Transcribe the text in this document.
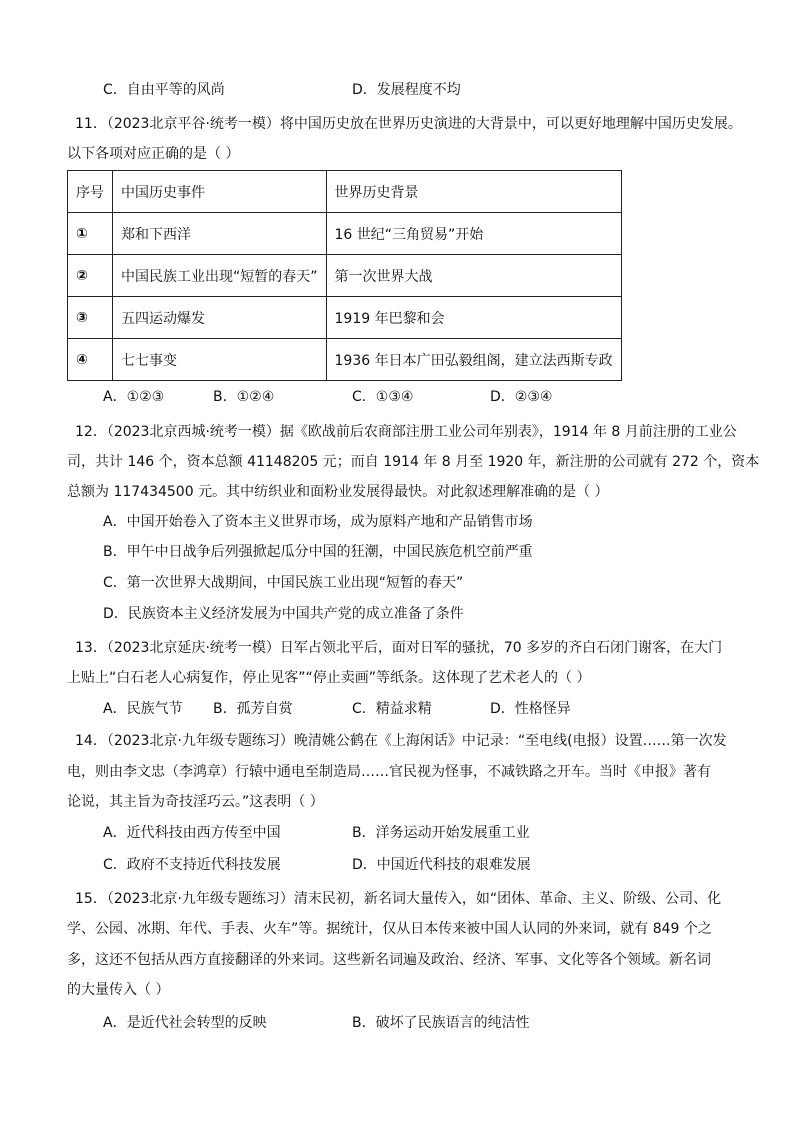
C．自由平等的风尚	D．发展程度不均
11．（2023北京平谷·统考一模）将中国历史放在世界历史演进的大背景中，可以更好地理解中国历史发展。
以下各项对应正确的是（ ）
序号	中国历史事件	世界历史背景
①	郑和下西洋	16 世纪“三角贸易”开始
②	中国民族工业出现“短暂的春天”	第一次世界大战
③	五四运动爆发	1919 年巴黎和会
④	七七事变	1936 年日本广田弘毅组阁，建立法西斯专政
A．①②③	B．①②④	C．①③④	D．②③④
12．（2023北京西城·统考一模）据《欧战前后农商部注册工业公司年别表》，1914 年 8 月前注册的工业公
司，共计 146 个，资本总额 41148205 元；而自 1914 年 8 月至 1920 年，新注册的公司就有 272 个，资本
总额为 117434500 元。其中纺织业和面粉业发展得最快。对此叙述理解准确的是（ ）
A．中国开始卷入了资本主义世界市场，成为原料产地和产品销售市场
B．甲午中日战争后列强掀起瓜分中国的狂潮，中国民族危机空前严重
C．第一次世界大战期间，中国民族工业出现“短暂的春天”
D．民族资本主义经济发展为中国共产党的成立准备了条件
13．（2023北京延庆·统考一模）日军占领北平后，面对日军的骚扰，70 多岁的齐白石闭门谢客，在大门
上贴上“白石老人心病复作，停止见客”“停止卖画”等纸条。这体现了艺术老人的（ ）
A．民族气节 B．孤芳自赏	C．精益求精	D．性格怪异
14．（2023北京·九年级专题练习）晚清姚公鹤在《上海闲话》中记录：“至电线(电报）设置……第一次发
电，则由李文忠（李鸿章）行辕中通电至制造局……官民视为怪事，不减铁路之开车。当时《申报》著有
论说，其主旨为奇技淫巧云。”这表明（ ）
A．近代科技由西方传至中国	B．洋务运动开始发展重工业
C．政府不支持近代科技发展	D．中国近代科技的艰难发展
15．（2023北京·九年级专题练习）清末民初，新名词大量传入，如“团体、革命、主义、阶级、公司、化
学、公园、冰期、年代、手表、火车”等。据统计，仅从日本传来被中国人认同的外来词，就有 849 个之
多，这还不包括从西方直接翻译的外来词。这些新名词遍及政治、经济、军事、文化等各个领域。新名词
的大量传入（ ）
A．是近代社会转型的反映	B．破坏了民族语言的纯洁性
